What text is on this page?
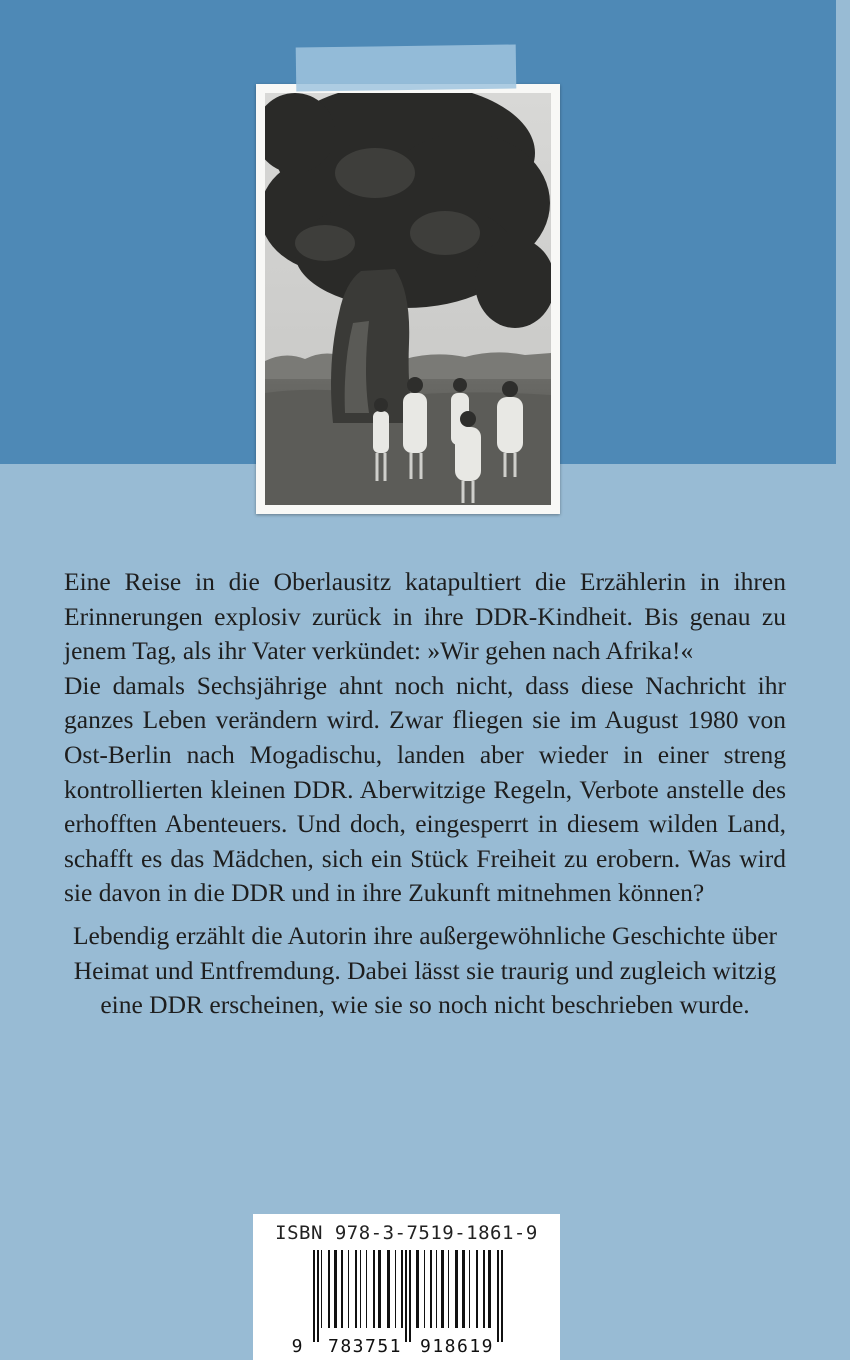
Eine Reise in die Oberlausitz katapultiert die Erzählerin in ihren Erinnerungen explosiv zurück in ihre DDR-Kindheit. Bis genau zu jenem Tag, als ihr Vater verkündet: »Wir gehen nach Afrika!«

Die damals Sechsjährige ahnt noch nicht, dass diese Nachricht ihr ganzes Leben verändern wird. Zwar fliegen sie im August 1980 von Ost-Berlin nach Mogadischu, landen aber wieder in einer streng kontrollierten kleinen DDR. Aberwitzige Regeln, Verbote anstelle des erhofften Abenteuers. Und doch, eingesperrt in diesem wilden Land, schafft es das Mädchen, sich ein Stück Freiheit zu erobern. Was wird sie davon in die DDR und in ihre Zukunft mitnehmen können?

Lebendig erzählt die Autorin ihre außergewöhnliche Geschichte über Heimat und Entfremdung. Dabei lässt sie traurig und zugleich witzig eine DDR erscheinen, wie sie so noch nicht beschrieben wurde.

ISBN 978-3-7519-1861-9
9 783751 918619
